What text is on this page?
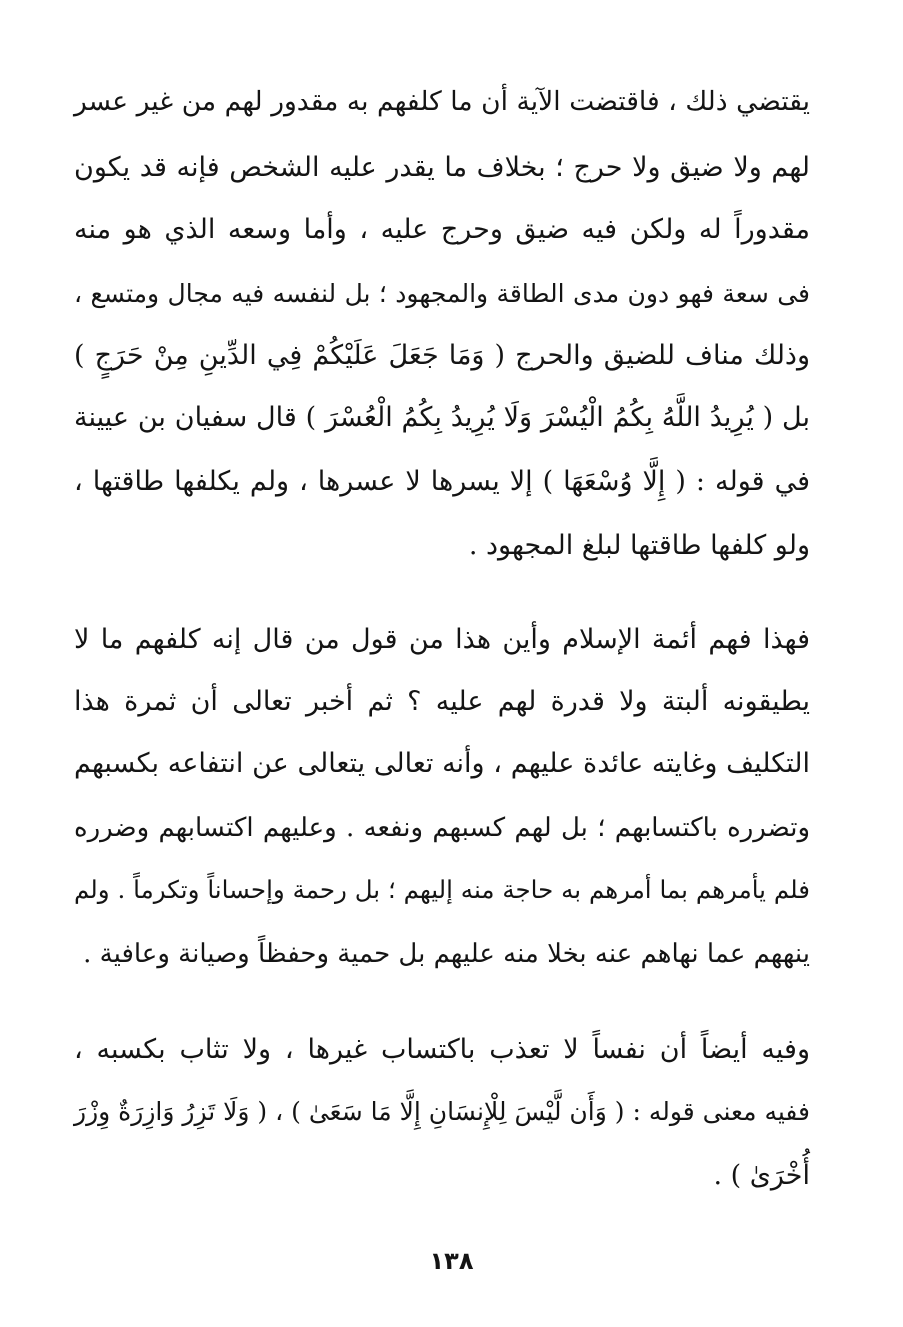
يقتضي ذلك ، فاقتضت الآية أن ما كلفهم به مقدور لهم من غير عسر
لهم ولا ضيق ولا حرج ؛ بخلاف ما يقدر عليه الشخص فإنه قد يكون
مقدوراً له ولكن فيه ضيق وحرج عليه ، وأما وسعه الذي هو منه
فى سعة فهو دون مدى الطاقة والمجهود ؛ بل لنفسه فيه مجال ومتسع ،
وذلك مناف للضيق والحرج ( وَمَا جَعَلَ عَلَيْكُمْ فِي الدِّينِ مِنْ حَرَجٍ )
بل ( يُرِيدُ اللَّهُ بِكُمُ الْيُسْرَ وَلَا يُرِيدُ بِكُمُ الْعُسْرَ ) قال سفيان بن عيينة
في قوله : ( إِلَّا وُسْعَهَا ) إلا يسرها لا عسرها ، ولم يكلفها طاقتها ،
ولو كلفها طاقتها لبلغ المجهود .
فهذا فهم أئمة الإسلام وأين هذا من قول من قال إنه كلفهم ما لا
يطيقونه ألبتة ولا قدرة لهم عليه ؟ ثم أخبر تعالى أن ثمرة هذا
التكليف وغايته عائدة عليهم ، وأنه تعالى يتعالى عن انتفاعه بكسبهم
وتضرره باكتسابهم ؛ بل لهم كسبهم ونفعه . وعليهم اكتسابهم وضرره
فلم يأمرهم بما أمرهم به حاجة منه إليهم ؛ بل رحمة وإحساناً وتكرماً . ولم
ينههم عما نهاهم عنه بخلا منه عليهم بل حمية وحفظاً وصيانة وعافية .
وفيه أيضاً أن نفساً لا تعذب باكتساب غيرها ، ولا تثاب بكسبه ،
ففيه معنى قوله : ( وَأَن لَّيْسَ لِلْإِنسَانِ إِلَّا مَا سَعَىٰ ) ، ( وَلَا تَزِرُ وَازِرَةٌ وِزْرَ
أُخْرَىٰ ) .
١٣٨
